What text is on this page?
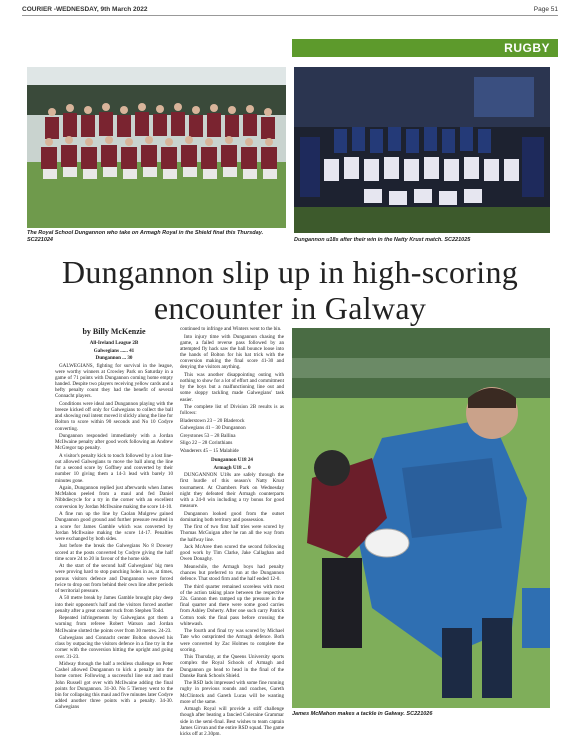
COURIER -WEDNESDAY, 9th March 2022	Page 51
RUGBY
The Royal School Dungannon who take on Armagh Royal in the Shield final this Thursday. SC221024	Dungannon u18s after their win in the Natty Krust match. SC221025
Dungannon slip up in high-scoring encounter in Galway
by Billy McKenzie

All-Ireland League 2B

Galwegians ...... 41

Dungannon ... 30

GALWEGIANS, fighting for survival in the league, were worthy winners at Crowley Park on Saturday in a game of 71 points with Dungannon coming home empty handed. Despite two players receiving yellow cards and a hefty penalty count they had the benefit of several Connacht players.

Conditions were ideal and Dungannon playing with the breeze kicked off only for Galwegians to collect the ball and showing real intent moved it slickly along the line for Bolton to score within 90 seconds and No 10 Codyre converting.

Dungannon responded immediately with a Jordan McIlwaine penalty after good work following an Andrew McGregor tap penalty.

A visitor's penalty kick to touch followed by a lost line-out allowed Galwegians to move the ball along the line for a second score by Goffney and converted by their number 10 giving them a 14-3 lead with barely 10 minutes gone.

Again, Dungannon replied just afterwards when James McMahon peeled from a maul and fed Daniel Nibbdiecycle for a try in the corner with an excellent conversion by Jordan McIlwaine making the score 14-10.

A fine run up the line by Caolan Mulgrew gained Dungannon good ground and further pressure resulted in a score for James Gamble which was converted by Jordan McIlwaine making the score 14-17. Penalties were exchanged by both sides.

Just before the break the Galwegians No 8 Dowsey scored at the posts converted by Codyre giving the half time score 24 to 20 in favour of the home side.

At the start of the second half Galwegians' big men were proving hard to stop punching holes in as, at times, porous visitors defence and Dungannon were forced twice to drop out from behind their own line after periods of territorial pressure.

A 50 metre break by James Gamble brought play deep into their opponent's half and the visitors forced another penalty after a great counter ruck from Stephen Todd.

Repeated infringements by Galwegians got them a warning from referee Robert Watson and Jordan McIlwaine slotted the points over from 30 metres. 24-23.

Galwegians and Connacht center Bolton showed his class by outpacing the visitors defence in a fine try in the corner with the conversion hitting the upright and going over. 31-23.

Midway through the half a reckless challenge on Peter Cashel allowed Dungannon to kick a penalty into the home corner. Following a successful line out and maul John Russell got over with McIlwaine adding the final points for Dungannon. 31-30. No 5 Tierney went to the bin for collapsing this maul and five minutes later Codyre added another three points with a penalty. 34-30. Galwegians

continued to infringe and Winters went to the bin.

Into injury time with Dungannon chasing the game, a failed reverse pass followed by an attempted fly hack saw the ball bounce loose into the hands of Bolton for his hat trick with the conversion making the final score 41-30 and denying the visitors anything.

This was another disappointing outing with nothing to show for a lot of effort and commitment by the boys but a malfunctioning line out and some sloppy tackling made Galwegians' task easier.

The complete list of Division 2B results is as follows:

Bladerstown 23 – 20 Bladerock

Galwegians 41 – 30 Dungannon

Greystones 53 – 28 Ballina

Sligo 22 – 28 Corinthians

Wanderers 45 – 15 Malahide

Dungannon U18 24

Armagh U18 ... 0

DUNGANNON U18s are safely through the first hurdle of this season's Natty Krust tournament. At Chambers Park on Wednesday night they defeated their Armagh counterparts with a 24-0 win including a try bonus for good measure.

Dungannon looked good from the outset dominating both territory and possession.

The first of two first half tries were scored by Thomas McGuigan after he ran all the way from the halfway line.

Jack McAree then scored the second following good work by Tim Clarke, Jake Callaghan and Owen Donaghy.

Meanwhile, the Armagh boys had penalty chances but preferred to run at the Dungannon defence. That stood firm and the half ended 12-0.

The third quarter remained scoreless with most of the action taking place between the respective 22s. Gannon then ramped up the pressure in the final quarter and there were some good carries from Ashley Doherty. After one such carry Patrick Cotton took the final pass before crossing the whitewash.

The fourth and final try was scored by Michael Tate who outsprinted the Armagh defence. Both were converted by Zac Holmes to complete the scoring.

This Thursday, at the Queens University sports complex the Royal Schools of Armagh and Dungannon go head to head in the final of the Danske Bank Schools Shield.

The RSD lads impressed with some fine running rugby in previous rounds and coaches, Gareth McClintock and Gareth Lucas will be wanting more of the same.

Armagh Royal will provide a stiff challenge though after beating a fancied Coleraine Grammar side in the semi-final. Best wishes to team captain James Girvan and the entire RSD squad. The game kicks off at 2.30pm.

James McMahon makes a tackle in Galway. SC221026
